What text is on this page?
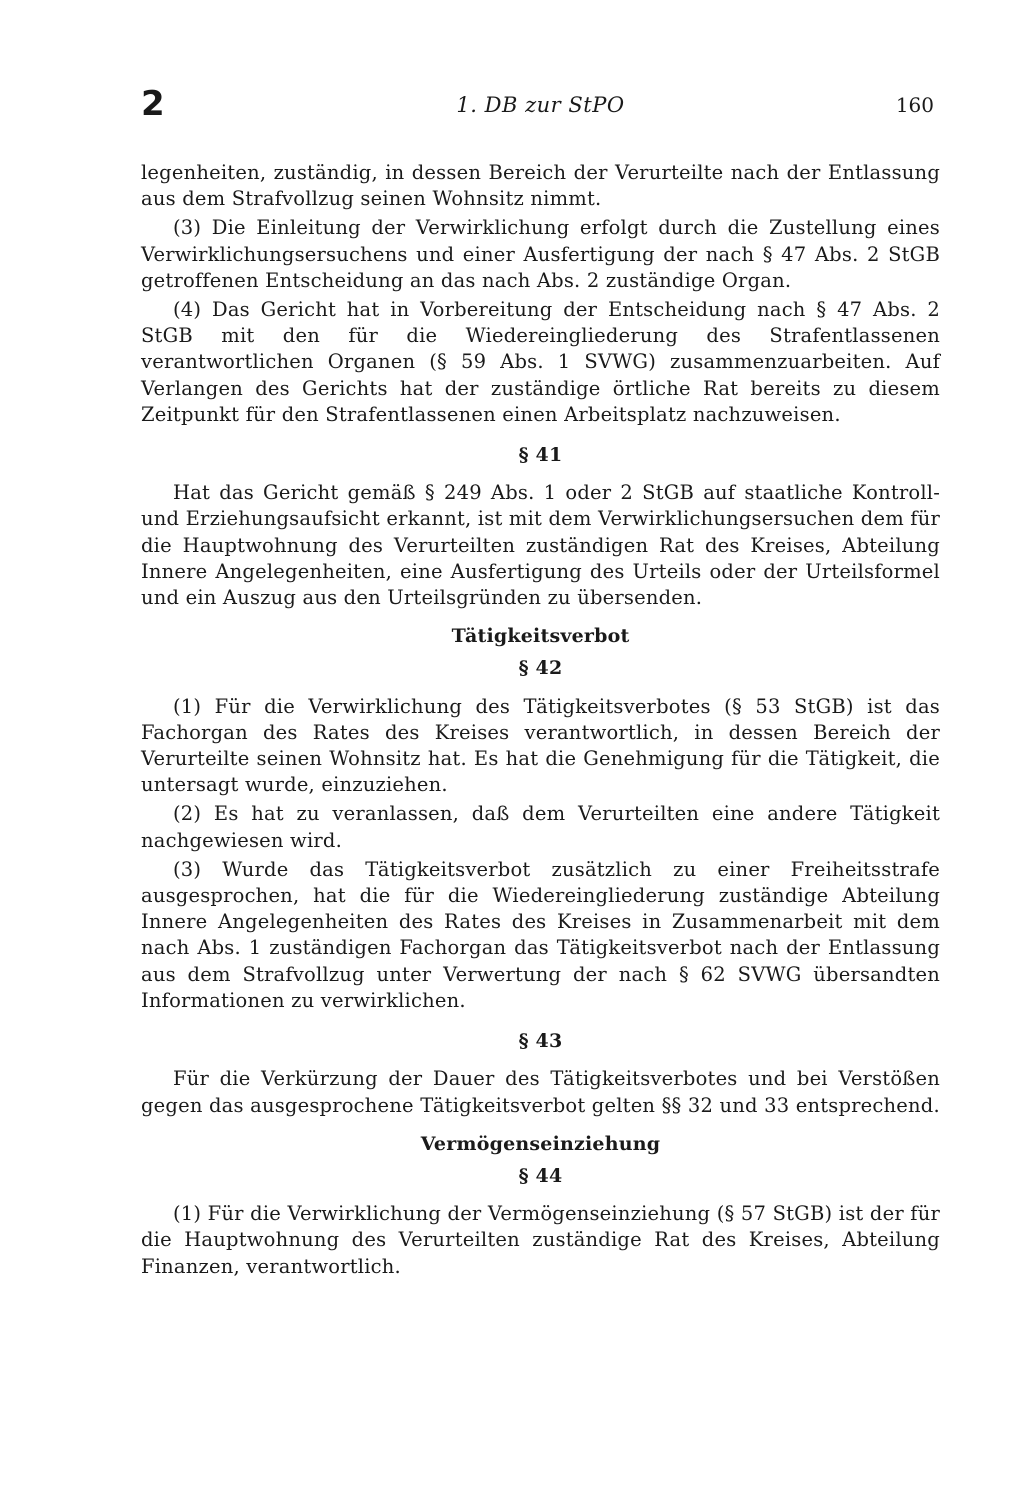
2	1. DB zur StPO	160

legenheiten, zuständig, in dessen Bereich der Verurteilte nach der Entlassung aus dem Strafvollzug seinen Wohnsitz nimmt.

(3) Die Einleitung der Verwirklichung erfolgt durch die Zustellung eines Verwirklichungsersuchens und einer Ausfertigung der nach § 47 Abs. 2 StGB getroffenen Entscheidung an das nach Abs. 2 zuständige Organ.

(4) Das Gericht hat in Vorbereitung der Entscheidung nach § 47 Abs. 2 StGB mit den für die Wiedereingliederung des Strafentlassenen verantwortlichen Organen (§ 59 Abs. 1 SVWG) zusammenzuarbeiten. Auf Verlangen des Gerichts hat der zuständige örtliche Rat bereits zu diesem Zeitpunkt für den Strafentlassenen einen Arbeitsplatz nachzuweisen.

§ 41

Hat das Gericht gemäß § 249 Abs. 1 oder 2 StGB auf staatliche Kontroll- und Erziehungsaufsicht erkannt, ist mit dem Verwirklichungsersuchen dem für die Hauptwohnung des Verurteilten zuständigen Rat des Kreises, Abteilung Innere Angelegenheiten, eine Ausfertigung des Urteils oder der Urteilsformel und ein Auszug aus den Urteilsgründen zu übersenden.

Tätigkeitsverbot
§ 42

(1) Für die Verwirklichung des Tätigkeitsverbotes (§ 53 StGB) ist das Fachorgan des Rates des Kreises verantwortlich, in dessen Bereich der Verurteilte seinen Wohnsitz hat. Es hat die Genehmigung für die Tätigkeit, die untersagt wurde, einzuziehen.

(2) Es hat zu veranlassen, daß dem Verurteilten eine andere Tätigkeit nachgewiesen wird.

(3) Wurde das Tätigkeitsverbot zusätzlich zu einer Freiheitsstrafe ausgesprochen, hat die für die Wiedereingliederung zuständige Abteilung Innere Angelegenheiten des Rates des Kreises in Zusammenarbeit mit dem nach Abs. 1 zuständigen Fachorgan das Tätigkeitsverbot nach der Entlassung aus dem Strafvollzug unter Verwertung der nach § 62 SVWG übersandten Informationen zu verwirklichen.

§ 43

Für die Verkürzung der Dauer des Tätigkeitsverbotes und bei Verstößen gegen das ausgesprochene Tätigkeitsverbot gelten §§ 32 und 33 entsprechend.

Vermögenseinziehung
§ 44

(1) Für die Verwirklichung der Vermögenseinziehung (§ 57 StGB) ist der für die Hauptwohnung des Verurteilten zuständige Rat des Kreises, Abteilung Finanzen, verantwortlich.
